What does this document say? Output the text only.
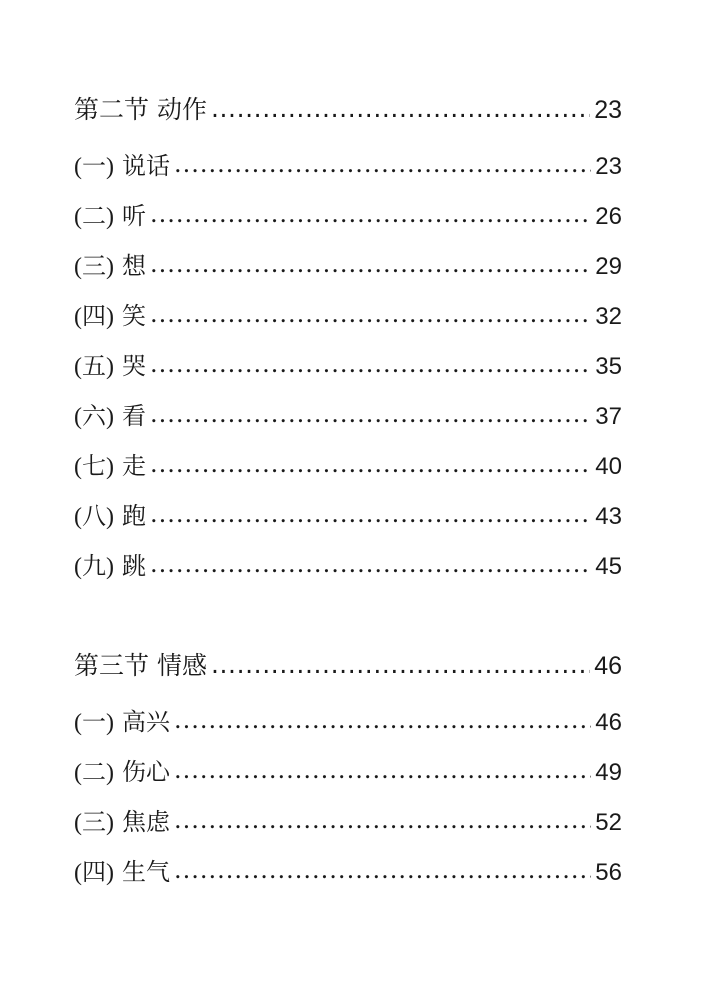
第二节 动作 .....	23
(一) 说话 .....	23
(二) 听 .....	26
(三) 想 .....	29
(四) 笑 .....	32
(五) 哭 .....	35
(六) 看 .....	37
(七) 走 .....	40
(八) 跑 .....	43
(九) 跳 .....	45
第三节 情感 .....	46
(一) 高兴 .....	46
(二) 伤心 .....	49
(三) 焦虑 .....	52
(四) 生气 .....	56
